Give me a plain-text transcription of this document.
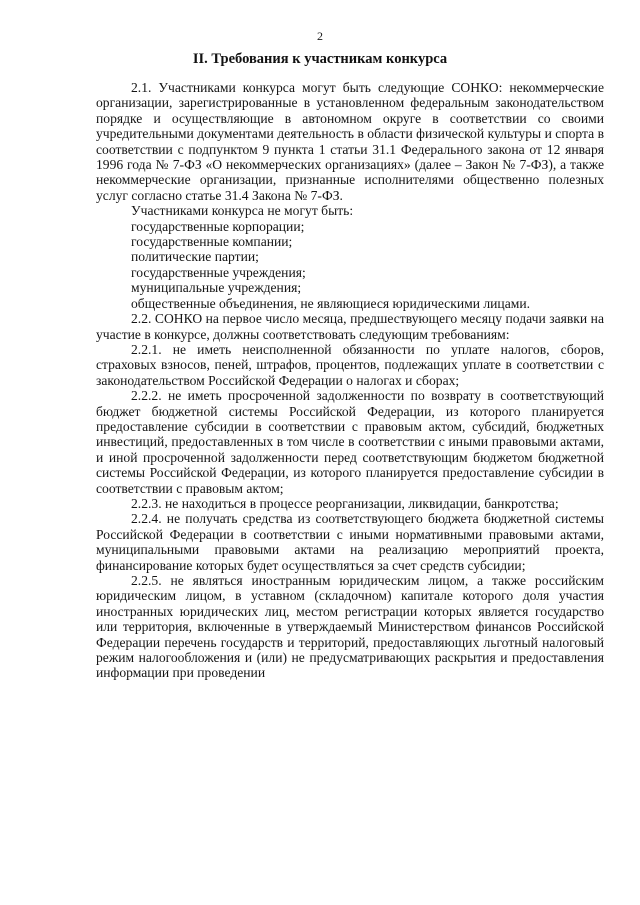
2
II. Требования к участникам конкурса

2.1. Участниками конкурса могут быть следующие СОНКО: некоммерческие организации, зарегистрированные в установленном федеральным законодательством порядке и осуществляющие в автономном округе в соответствии со своими учредительными документами деятельность в области физической культуры и спорта в соответствии с подпунктом 9 пункта 1 статьи 31.1 Федерального закона от 12 января 1996 года № 7-ФЗ «О некоммерческих организациях» (далее – Закон № 7-ФЗ), а также некоммерческие организации, признанные исполнителями общественно полезных услуг согласно статье 31.4 Закона № 7-ФЗ.

Участниками конкурса не могут быть:

государственные корпорации;

государственные компании;

политические партии;

государственные учреждения;

муниципальные учреждения;

общественные объединения, не являющиеся юридическими лицами.

2.2. СОНКО на первое число месяца, предшествующего месяцу подачи заявки на участие в конкурсе, должны соответствовать следующим требованиям:

2.2.1. не иметь неисполненной обязанности по уплате налогов, сборов, страховых взносов, пеней, штрафов, процентов, подлежащих уплате в соответствии с законодательством Российской Федерации о налогах и сборах;

2.2.2. не иметь просроченной задолженности по возврату в соответствующий бюджет бюджетной системы Российской Федерации, из которого планируется предоставление субсидии в соответствии с правовым актом, субсидий, бюджетных инвестиций, предоставленных в том числе в соответствии с иными правовыми актами, и иной просроченной задолженности перед соответствующим бюджетом бюджетной системы Российской Федерации, из которого планируется предоставление субсидии в соответствии с правовым актом;

2.2.3. не находиться в процессе реорганизации, ликвидации, банкротства;

2.2.4. не получать средства из соответствующего бюджета бюджетной системы Российской Федерации в соответствии с иными нормативными правовыми актами, муниципальными правовыми актами на реализацию мероприятий проекта, финансирование которых будет осуществляться за счет средств субсидии;

2.2.5. не являться иностранным юридическим лицом, а также российским юридическим лицом, в уставном (складочном) капитале которого доля участия иностранных юридических лиц, местом регистрации которых является государство или территория, включенные в утверждаемый Министерством финансов Российской Федерации перечень государств и территорий, предоставляющих льготный налоговый режим налогообложения и (или) не предусматривающих раскрытия и предоставления информации при проведении
